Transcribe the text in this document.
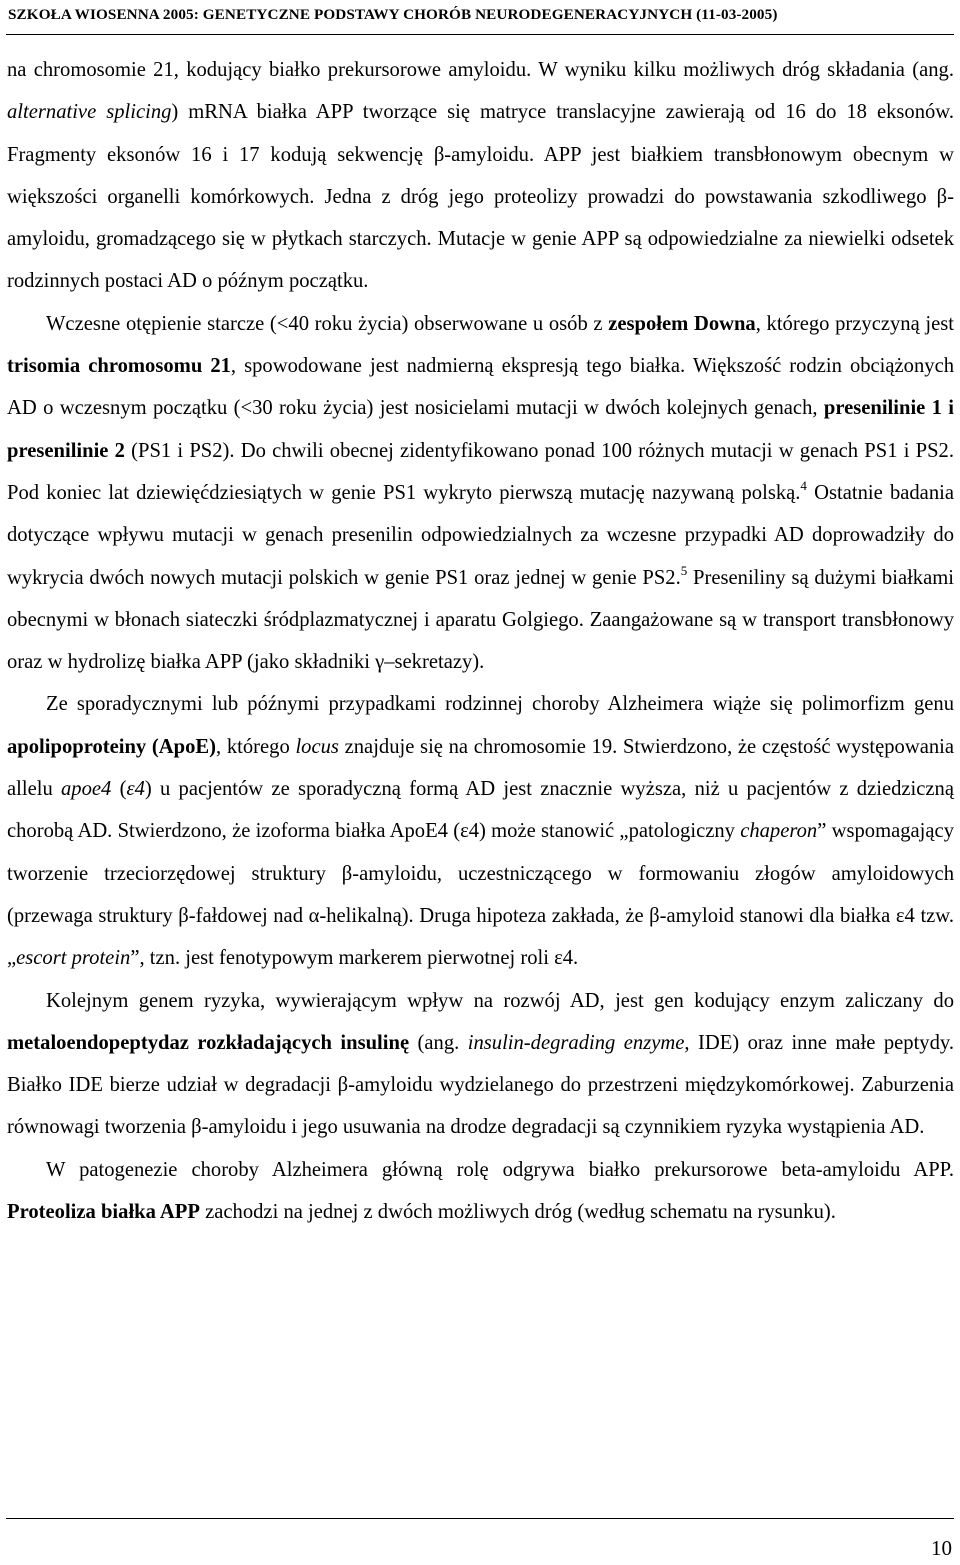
SZKOŁA WIOSENNA 2005: GENETYCZNE PODSTAWY CHORÓB NEURODEGENERACYJNYCH (11-03-2005)

na chromosomie 21, kodujący białko prekursorowe amyloidu. W wyniku kilku możliwych dróg składania (ang. alternative splicing) mRNA białka APP tworzące się matryce translacyjne zawierają od 16 do 18 eksonów. Fragmenty eksonów 16 i 17 kodują sekwencję β-amyloidu. APP jest białkiem transbłonowym obecnym w większości organelli komórkowych. Jedna z dróg jego proteolizy prowadzi do powstawania szkodliwego β-amyloidu, gromadzącego się w płytkach starczych. Mutacje w genie APP są odpowiedzialne za niewielki odsetek rodzinnych postaci AD o późnym początku.

Wczesne otępienie starcze (<40 roku życia) obserwowane u osób z zespołem Downa, którego przyczyną jest trisomia chromosomu 21, spowodowane jest nadmierną ekspresją tego białka. Większość rodzin obciążonych AD o wczesnym początku (<30 roku życia) jest nosicielami mutacji w dwóch kolejnych genach, presenilinie 1 i presenilinie 2 (PS1 i PS2). Do chwili obecnej zidentyfikowano ponad 100 różnych mutacji w genach PS1 i PS2. Pod koniec lat dziewięćdziesiątych w genie PS1 wykryto pierwszą mutację nazywaną polską.$^4$ Ostatnie badania dotyczące wpływu mutacji w genach presenilin odpowiedzialnych za wczesne przypadki AD doprowadziły do wykrycia dwóch nowych mutacji polskich w genie PS1 oraz jednej w genie PS2.$^5$ Preseniliny są dużymi białkami obecnymi w błonach siateczki śródplazmatycznej i aparatu Golgiego. Zaangażowane są w transport transbłonowy oraz w hydrolizę białka APP (jako składniki γ–sekretazy).

Ze sporadycznymi lub późnymi przypadkami rodzinnej choroby Alzheimera wiąże się polimorfizm genu apolipoproteiny (ApoE), którego locus znajduje się na chromosomie 19. Stwierdzono, że częstość występowania allelu apoe4 (ε4) u pacjentów ze sporadyczną formą AD jest znacznie wyższa, niż u pacjentów z dziedziczną chorobą AD. Stwierdzono, że izoforma białka ApoE4 (ε4) może stanowić „patologiczny chaperon” wspomagający tworzenie trzeciorzędowej struktury β-amyloidu, uczestniczącego w formowaniu złogów amyloidowych (przewaga struktury β-fałdowej nad α-helikalną). Druga hipoteza zakłada, że β-amyloid stanowi dla białka ε4 tzw. „escort protein”, tzn. jest fenotypowym markerem pierwotnej roli ε4.

Kolejnym genem ryzyka, wywierającym wpływ na rozwój AD, jest gen kodujący enzym zaliczany do metaloendopeptydaz rozkładających insulinę (ang. insulin-degrading enzyme, IDE) oraz inne małe peptydy. Białko IDE bierze udział w degradacji β-amyloidu wydzielanego do przestrzeni międzykomórkowej. Zaburzenia równowagi tworzenia β-amyloidu i jego usuwania na drodze degradacji są czynnikiem ryzyka wystąpienia AD.

W patogenezie choroby Alzheimera główną rolę odgrywa białko prekursorowe beta-amyloidu APP. Proteoliza białka APP zachodzi na jednej z dwóch możliwych dróg (według schematu na rysunku).

10
